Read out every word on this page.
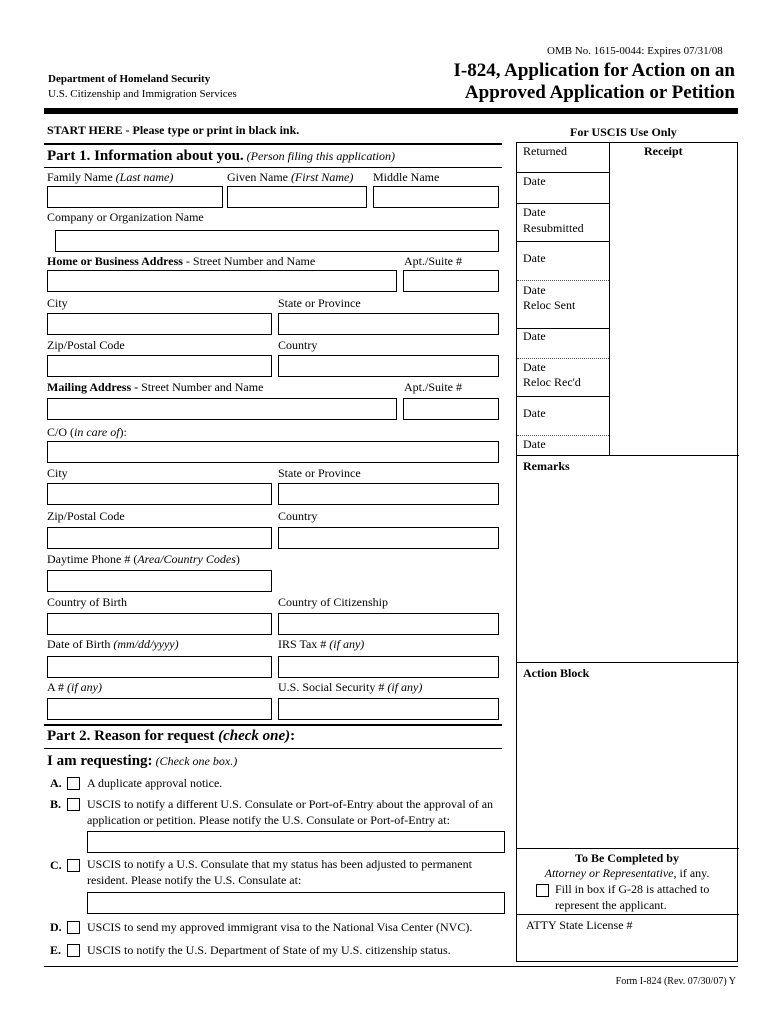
OMB No. 1615-0044: Expires 07/31/08
Department of Homeland Security
U.S. Citizenship and Immigration Services
I-824, Application for Action on an
Approved Application or Petition
START HERE - Please type or print in black ink.	For USCIS Use Only
Part 1. Information about you. (Person filing this application)
Family Name (Last name)	Given Name (First Name) Middle Name
Company or Organization Name
Home or Business Address - Street Number and Name	Apt./Suite #
City	State or Province
Zip/Postal Code	Country
Mailing Address - Street Number and Name	Apt./Suite #
C/O (in care of):
City	State or Province
Zip/Postal Code	Country
Daytime Phone # (Area/Country Codes)
Country of Birth	Country of Citizenship
Date of Birth (mm/dd/yyyy)	IRS Tax # (if any)
A # (if any)	U.S. Social Security # (if any)
Part 2. Reason for request (check one):
I am requesting: (Check one box.)
A. A duplicate approval notice.
B. USCIS to notify a different U.S. Consulate or Port-of-Entry about the approval of an
application or petition. Please notify the U.S. Consulate or Port-of-Entry at:
C. USCIS to notify a U.S. Consulate that my status has been adjusted to permanent
resident. Please notify the U.S. Consulate at:
D. USCIS to send my approved immigrant visa to the National Visa Center (NVC).
E. USCIS to notify the U.S. Department of State of my U.S. citizenship status.
Returned	Receipt
Date
Date
Resubmitted
Date
Date
Reloc Sent
Date
Date
Reloc Rec'd
Date
Date
Remarks
Action Block
To Be Completed by
Attorney or Representative, if any.
Fill in box if G-28 is attached to
represent the applicant.
ATTY State License #
Form I-824 (Rev. 07/30/07) Y
